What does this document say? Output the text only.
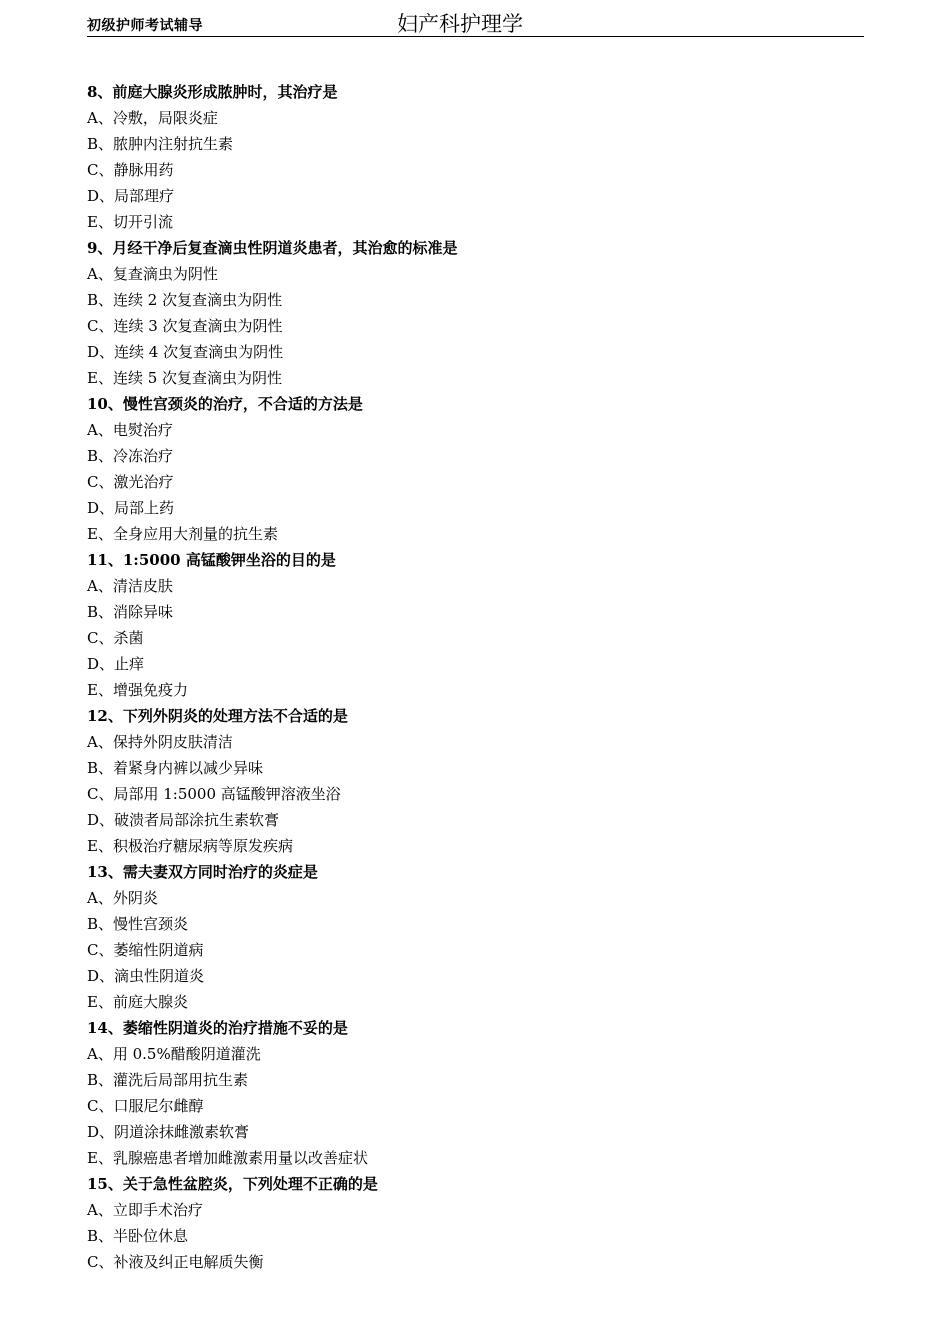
初级护师考试辅导	妇产科护理学
8、前庭大腺炎形成脓肿时，其治疗是
A、冷敷，局限炎症
B、脓肿内注射抗生素
C、静脉用药
D、局部理疗
E、切开引流
9、月经干净后复查滴虫性阴道炎患者，其治愈的标准是
A、复查滴虫为阴性
B、连续 2 次复查滴虫为阴性
C、连续 3 次复查滴虫为阴性
D、连续 4 次复查滴虫为阴性
E、连续 5 次复查滴虫为阴性
10、慢性宫颈炎的治疗，不合适的方法是
A、电熨治疗
B、冷冻治疗
C、激光治疗
D、局部上药
E、全身应用大剂量的抗生素
11、1:5000 高锰酸钾坐浴的目的是
A、清洁皮肤
B、消除异味
C、杀菌
D、止痒
E、增强免疫力
12、下列外阴炎的处理方法不合适的是
A、保持外阴皮肤清洁
B、着紧身内裤以减少异味
C、局部用 1:5000 高锰酸钾溶液坐浴
D、破溃者局部涂抗生素软膏
E、积极治疗糖尿病等原发疾病
13、需夫妻双方同时治疗的炎症是
A、外阴炎
B、慢性宫颈炎
C、萎缩性阴道病
D、滴虫性阴道炎
E、前庭大腺炎
14、萎缩性阴道炎的治疗措施不妥的是
A、用 0.5%醋酸阴道灌洗
B、灌洗后局部用抗生素
C、口服尼尔雌醇
D、阴道涂抹雌激素软膏
E、乳腺癌患者增加雌激素用量以改善症状
15、关于急性盆腔炎，下列处理不正确的是
A、立即手术治疗
B、半卧位休息
C、补液及纠正电解质失衡
